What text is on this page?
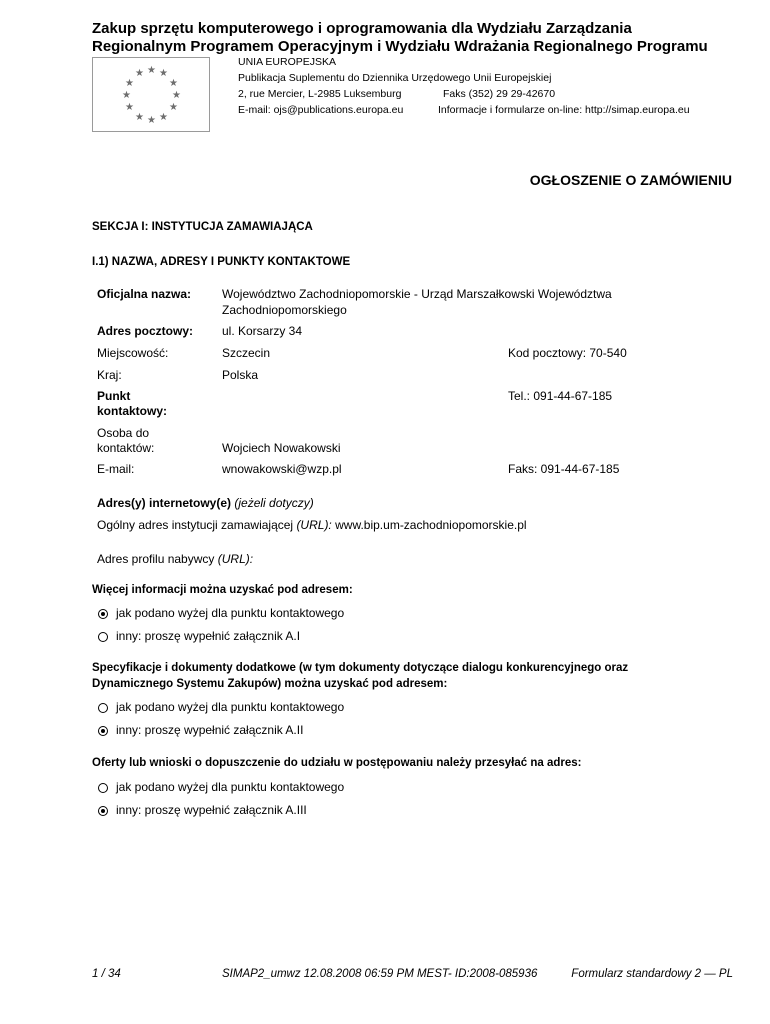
Zakup sprzętu komputerowego i oprogramowania dla Wydziału Zarządzania
Regionalnym Programem Operacyjnym i Wydziału Wdrażania Regionalnego Programu
★ ★
★
★
★
★
★
★
★
★
★
★
UNIA EUROPEJSKA
Publikacja Suplementu do Dziennika Urzędowego Unii Europejskiej
2, rue Mercier, L-2985 Luksemburg	Faks (352) 29 29-42670
E-mail: ojs@publications.europa.eu	Informacje i formularze on-line: http://simap.europa.eu
OGŁOSZENIE O ZAMÓWIENIU
SEKCJA I: INSTYTUCJA ZAMAWIAJĄCA
I.1) NAZWA, ADRESY I PUNKTY KONTAKTOWE
Oficjalna nazwa:	Województwo Zachodniopomorskie - Urząd Marszałkowski Województwa
Zachodniopomorskiego
Adres pocztowy: ul. Korsarzy 34
Miejscowość:	Szczecin	Kod pocztowy: 70-540
Kraj:	Polska
Punkt
kontaktowy:
Tel.: 091-44-67-185
Osoba do
kontaktów:	Wojciech Nowakowski
E-mail:	wnowakowski@wzp.pl	Faks: 091-44-67-185
Adres(y) internetowy(e) (jeżeli dotyczy)
Ogólny adres instytucji zamawiającej (URL): www.bip.um-zachodniopomorskie.pl
Adres profilu nabywcy (URL):
Więcej informacji można uzyskać pod adresem:
jak podano wyżej dla punktu kontaktowego
inny: proszę wypełnić załącznik A.I
Specyfikacje i dokumenty dodatkowe (w tym dokumenty dotyczące dialogu konkurencyjnego oraz
Dynamicznego Systemu Zakupów) można uzyskać pod adresem:
jak podano wyżej dla punktu kontaktowego
inny: proszę wypełnić załącznik A.II
Oferty lub wnioski o dopuszczenie do udziału w postępowaniu należy przesyłać na adres:
jak podano wyżej dla punktu kontaktowego
inny: proszę wypełnić załącznik A.III
1 / 34	SIMAP2_umwz 12.08.2008 06:59 PM MEST- ID:2008-085936	Formularz standardowy 2 — PL
